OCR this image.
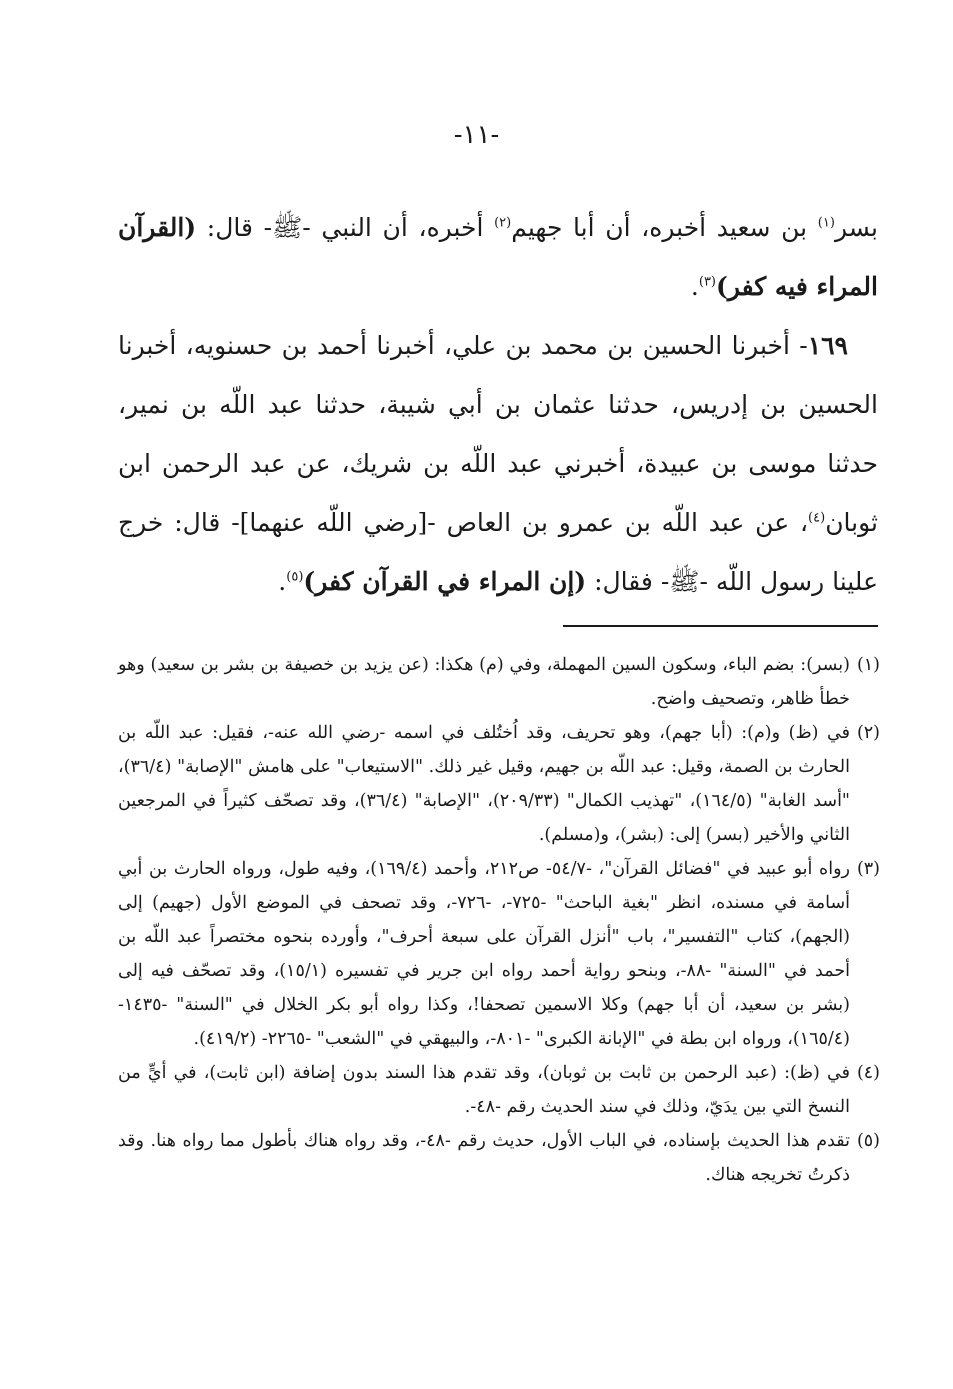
-١١-

بسر$^{(١)}$ بن سعيد أخبره، أن أبا جهيم$^{(٢)}$ أخبره، أن النبي -ﷺ- قال: (القرآن المراء فيه كفر)$^{(٣)}$.

١٦٩- أخبرنا الحسين بن محمد بن علي، أخبرنا أحمد بن حسنويه، أخبرنا الحسين بن إدريس، حدثنا عثمان بن أبي شيبة، حدثنا عبد اللّه بن نمير، حدثنا موسى بن عبيدة، أخبرني عبد اللّه بن شريك، عن عبد الرحمن ابن ثوبان$^{(٤)}$، عن عبد اللّه بن عمرو بن العاص -[رضي اللّه عنهما]- قال: خرج علينا رسول اللّه -ﷺ- فقال: (إن المراء في القرآن كفر)$^{(٥)}$.

(١)
(بسر): بضم الباء، وسكون السين المهملة، وفي (م) هكذا: (عن يزيد بن خصيفة بن بشر بن سعيد) وهو خطأ ظاهر، وتصحيف واضح.

(٢)
في (ظ) و(م): (أبا جهم)، وهو تحريف، وقد اُختُلف في اسمه -رضي الله عنه-، فقيل: عبد اللّه بن الحارث بن الصمة، وقيل: عبد اللّه بن جهيم، وقيل غير ذلك. "الاستيعاب" على هامش "الإصابة" (٣٦/٤)، "أسد الغابة" (١٦٤/٥)، "تهذيب الكمال" (٢٠٩/٣٣)، "الإصابة" (٣٦/٤)، وقد تصحّف كثيراً في المرجعين الثاني والأخير (بسر) إلى: (بشر)، و(مسلم).

(٣)
رواه أبو عبيد في "فضائل القرآن"، -٥٤/٧- ص٢١٢، وأحمد (١٦٩/٤)، وفيه طول، ورواه الحارث بن أبي أسامة في مسنده، انظر "بغية الباحث" -٧٢٥-، -٧٢٦-، وقد تصحف في الموضع الأول (جهيم) إلى (الجهم)، كتاب "التفسير"، باب "أنزل القرآن على سبعة أحرف"، وأورده بنحوه مختصراً عبد اللّه بن أحمد في "السنة" -٨٨-، وبنحو رواية أحمد رواه ابن جرير في تفسيره (١٥/١)، وقد تصحّف فيه إلى (بشر بن سعيد، أن أبا جهم) وكلا الاسمين تصحفا!، وكذا رواه أبو بكر الخلال في "السنة" -١٤٣٥- (١٦٥/٤)، ورواه ابن بطة في "الإبانة الكبرى" -٨٠١-، والبيهقي في "الشعب" -٢٢٦٥- (٤١٩/٢).

(٤)
في (ظ): (عبد الرحمن بن ثابت بن ثوبان)، وقد تقدم هذا السند بدون إضافة (ابن ثابت)، في أيٍّ من النسخ التي بين يدَيّ، وذلك في سند الحديث رقم -٤٨-.

(٥)
تقدم هذا الحديث بإسناده، في الباب الأول، حديث رقم -٤٨-، وقد رواه هناك بأطول مما رواه هنا. وقد ذكرتُ تخريجه هناك.
